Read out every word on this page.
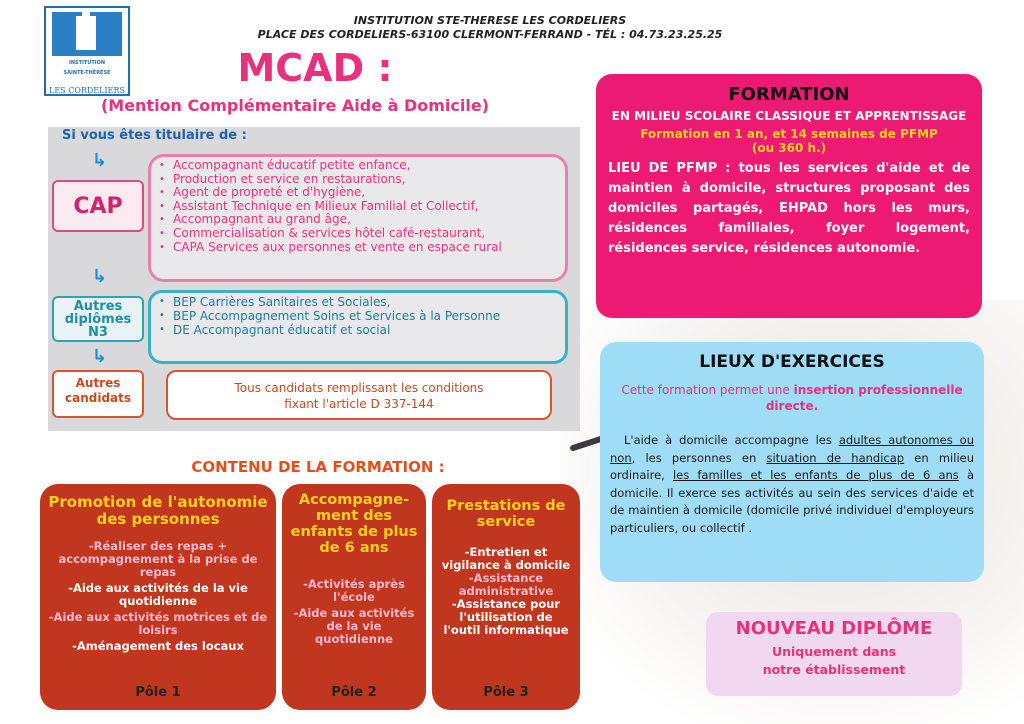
INSTITUTION
SAINTE-THÉRÈSE
LES CORDELIERS
INSTITUTION STE-THERESE LES CORDELIERS
PLACE DES CORDELIERS-63100 CLERMONT-FERRAND - TÉL : 04.73.23.25.25
MCAD :
(Mention Complémentaire Aide à Domicile)
Si vous êtes titulaire de :
↳
CAP
• Accompagnant éducatif petite enfance,
• Production et service en restaurations,
• Agent de propreté et d'hygiène,
• Assistant Technique en Milieux Familial et Collectif,
• Accompagnant au grand âge,
• Commercialisation & services hôtel café-restaurant,
• CAPA Services aux personnes et vente en espace rural
↳
Autres
diplômes
N3
• BEP Carrières Sanitaires et Sociales,
• BEP Accompagnement Soins et Services à la Personne
• DE Accompagnant éducatif et social
↳
Autres
candidats
Tous candidats remplissant les conditions
fixant l'article D 337-144
CONTENU DE LA FORMATION :
Promotion de l'autonomie des personnes
-Réaliser des repas + accompagnement à la prise de repas
-Aide aux activités de la vie quotidienne
-Aide aux activités motrices et de loisirs
-Aménagement des locaux
Pôle 1
Accompagne-ment des enfants de plus de 6 ans
-Activités après l'école
-Aide aux activités de la vie quotidienne
Pôle 2
Prestations de service
-Entretien et vigilance à domicile
-Assistance administrative
-Assistance pour l'utilisation de l'outil informatique
Pôle 3
FORMATION
EN MILIEU SCOLAIRE CLASSIQUE ET APPRENTISSAGE
Formation en 1 an, et 14 semaines de PFMP
(ou 360 h.)
LIEU DE PFMP : tous les services d'aide et de maintien à domicile, structures proposant des domiciles partagés, EHPAD hors les murs, résidences familiales, foyer logement, résidences service, résidences autonomie.
LIEUX D'EXERCICES
Cette formation permet une insertion professionnelle directe.
L'aide à domicile accompagne les adultes autonomes ou non, les personnes en situation de handicap en milieu ordinaire, les familles et les enfants de plus de 6 ans à domicile. Il exerce ses activités au sein des services d'aide et de maintien à domicile (domicile privé individuel d'employeurs particuliers, ou collectif .
NOUVEAU DIPLÔME
Uniquement dans
notre établissement
